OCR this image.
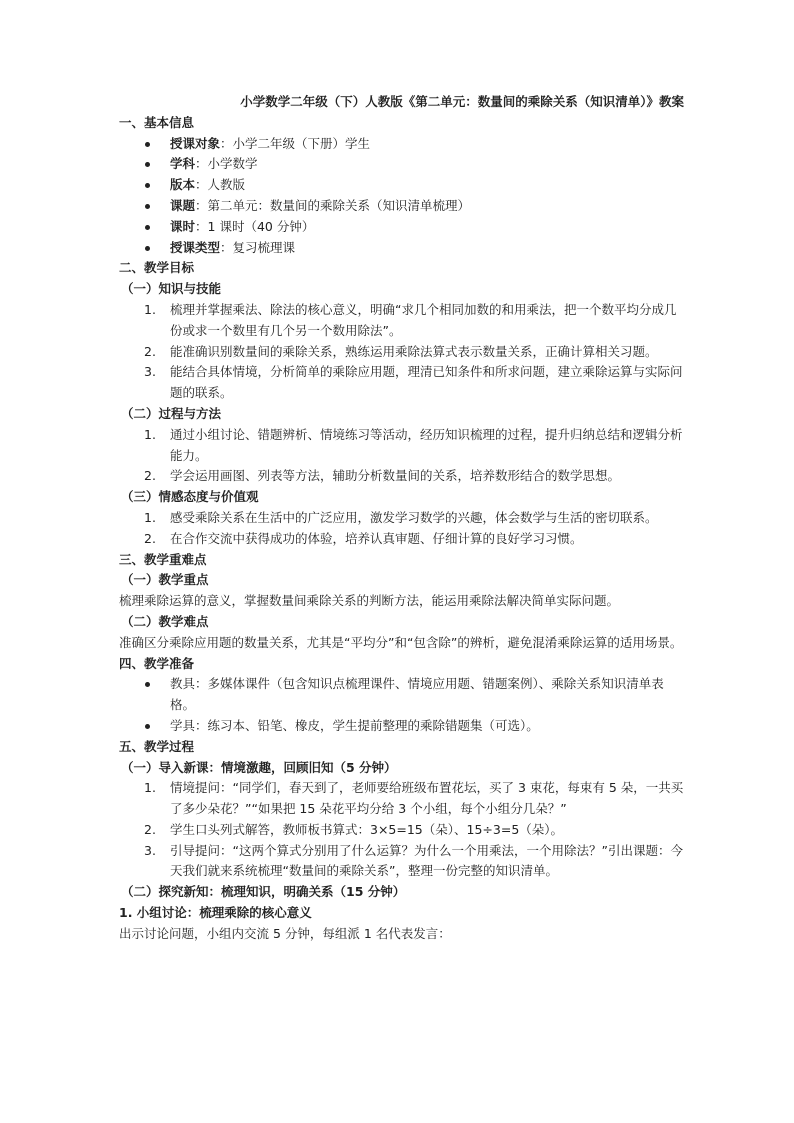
小学数学二年级（下）人教版《第二单元：数量间的乘除关系（知识清单）》教案

一、基本信息

授课对象：小学二年级（下册）学生
学科：小学数学
版本：人教版
课题：第二单元：数量间的乘除关系（知识清单梳理）
课时：1 课时（40 分钟）
授课类型：复习梳理课

二、教学目标

（一）知识与技能

1. 梳理并掌握乘法、除法的核心意义，明确“求几个相同加数的和用乘法，把一个数平均分成几份或求一个数里有几个另一个数用除法”。
2. 能准确识别数量间的乘除关系，熟练运用乘除法算式表示数量关系，正确计算相关习题。
3. 能结合具体情境，分析简单的乘除应用题，理清已知条件和所求问题，建立乘除运算与实际问题的联系。

（二）过程与方法

1. 通过小组讨论、错题辨析、情境练习等活动，经历知识梳理的过程，提升归纳总结和逻辑分析能力。
2. 学会运用画图、列表等方法，辅助分析数量间的关系，培养数形结合的数学思想。

（三）情感态度与价值观

1. 感受乘除关系在生活中的广泛应用，激发学习数学的兴趣，体会数学与生活的密切联系。
2. 在合作交流中获得成功的体验，培养认真审题、仔细计算的良好学习习惯。

三、教学重难点

（一）教学重点

梳理乘除运算的意义，掌握数量间乘除关系的判断方法，能运用乘除法解决简单实际问题。

（二）教学难点

准确区分乘除应用题的数量关系，尤其是“平均分”和“包含除”的辨析，避免混淆乘除运算的适用场景。

四、教学准备

教具：多媒体课件（包含知识点梳理课件、情境应用题、错题案例）、乘除关系知识清单表格。
学具：练习本、铅笔、橡皮，学生提前整理的乘除错题集（可选）。

五、教学过程

（一）导入新课：情境激趣，回顾旧知（5 分钟）

1. 情境提问：“同学们，春天到了，老师要给班级布置花坛，买了 3 束花，每束有 5 朵，一共买了多少朵花？”“如果把 15 朵花平均分给 3 个小组，每个小组分几朵？”
2. 学生口头列式解答，教师板书算式：3×5=15（朵）、15÷3=5（朵）。
3. 引导提问：“这两个算式分别用了什么运算？为什么一个用乘法，一个用除法？”引出课题：今天我们就来系统梳理“数量间的乘除关系”，整理一份完整的知识清单。

（二）探究新知：梳理知识，明确关系（15 分钟）

1. 小组讨论：梳理乘除的核心意义

出示讨论问题，小组内交流 5 分钟，每组派 1 名代表发言：
